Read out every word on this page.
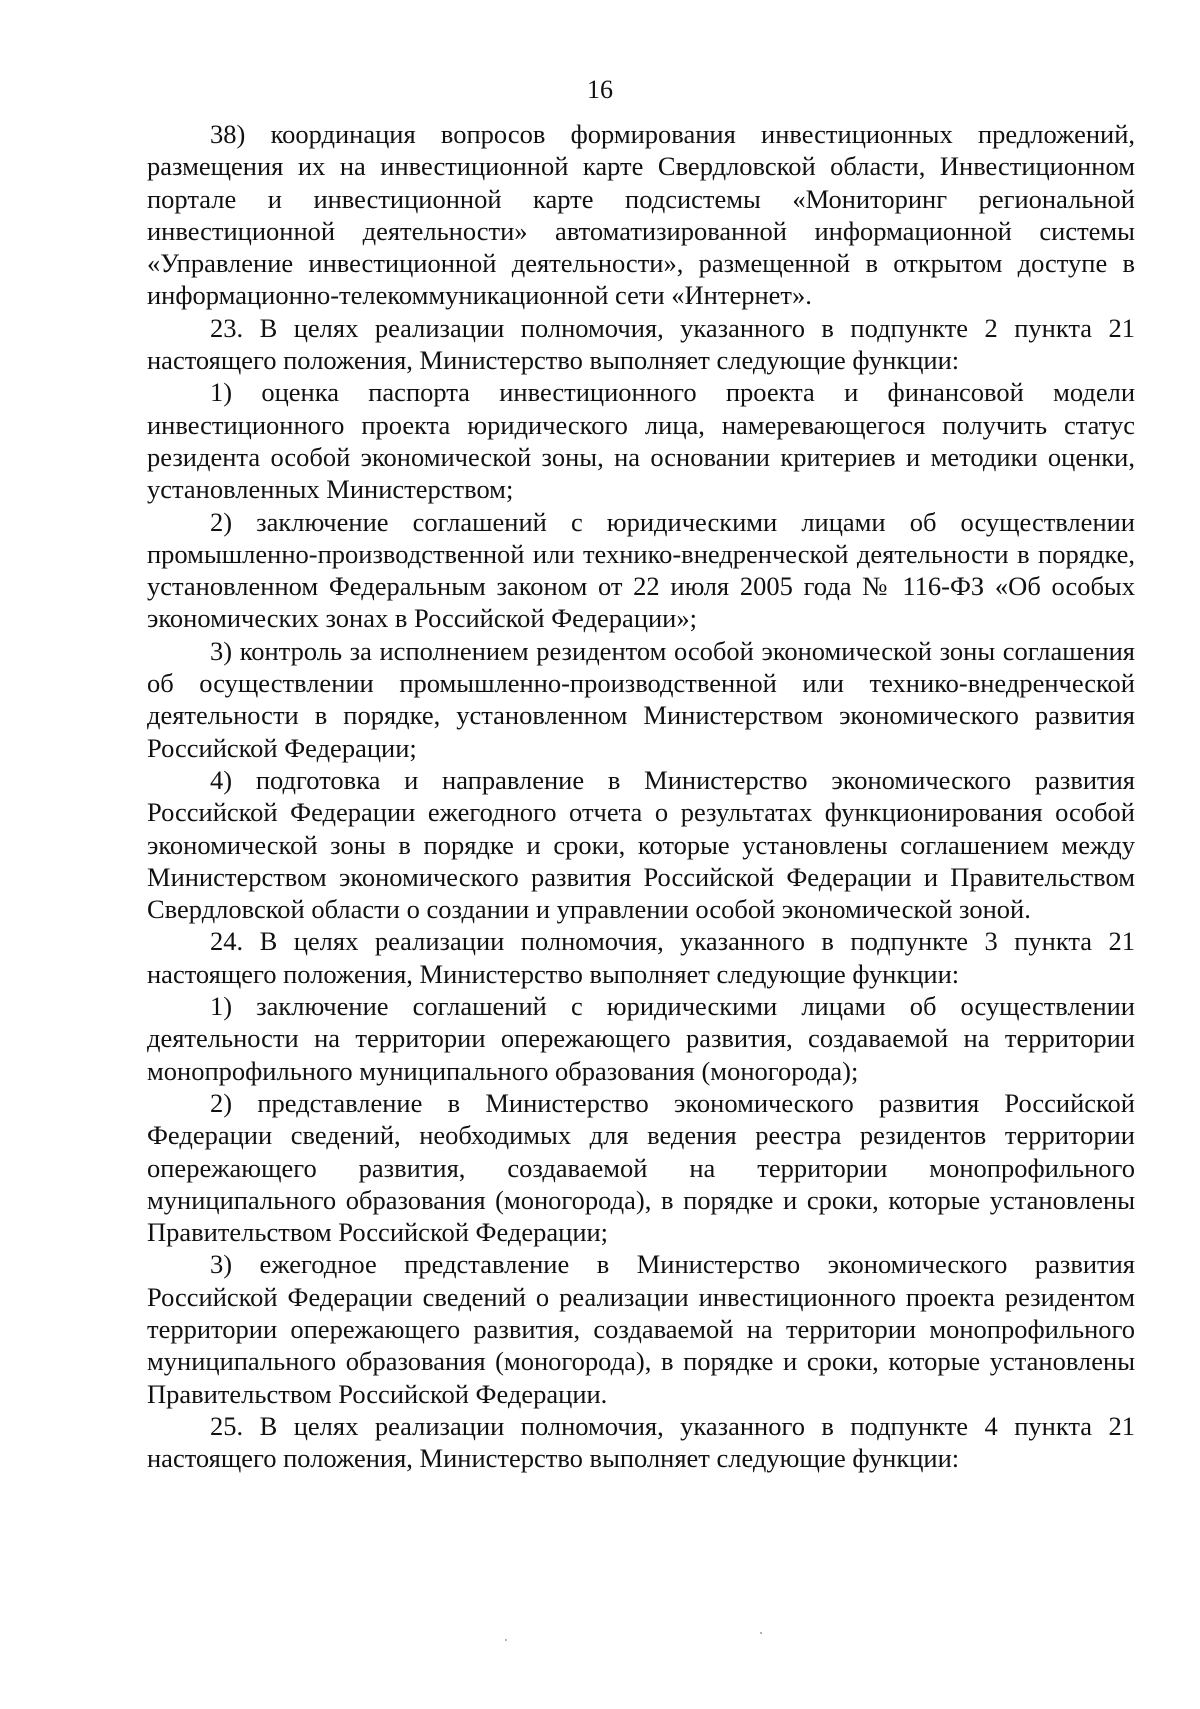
16

38) координация вопросов формирования инвестиционных предложений, размещения их на инвестиционной карте Свердловской области, Инвестиционном портале и инвестиционной карте подсистемы «Мониторинг региональной инвестиционной деятельности» автоматизированной информационной системы «Управление инвестиционной деятельности», размещенной в открытом доступе в информационно-телекоммуникационной сети «Интернет».

23. В целях реализации полномочия, указанного в подпункте 2 пункта 21 настоящего положения, Министерство выполняет следующие функции:

1) оценка паспорта инвестиционного проекта и финансовой модели инвестиционного проекта юридического лица, намеревающегося получить статус резидента особой экономической зоны, на основании критериев и методики оценки, установленных Министерством;

2) заключение соглашений с юридическими лицами об осуществлении промышленно-производственной или технико-внедренческой деятельности в порядке, установленном Федеральным законом от 22 июля 2005 года № 116-ФЗ «Об особых экономических зонах в Российской Федерации»;

3) контроль за исполнением резидентом особой экономической зоны соглашения об осуществлении промышленно-производственной или технико-внедренческой деятельности в порядке, установленном Министерством экономического развития Российской Федерации;

4) подготовка и направление в Министерство экономического развития Российской Федерации ежегодного отчета о результатах функционирования особой экономической зоны в порядке и сроки, которые установлены соглашением между Министерством экономического развития Российской Федерации и Правительством Свердловской области о создании и управлении особой экономической зоной.

24. В целях реализации полномочия, указанного в подпункте 3 пункта 21 настоящего положения, Министерство выполняет следующие функции:

1) заключение соглашений с юридическими лицами об осуществлении деятельности на территории опережающего развития, создаваемой на территории монопрофильного муниципального образования (моногорода);

2) представление в Министерство экономического развития Российской Федерации сведений, необходимых для ведения реестра резидентов территории опережающего развития, создаваемой на территории монопрофильного муниципального образования (моногорода), в порядке и сроки, которые установлены Правительством Российской Федерации;

3) ежегодное представление в Министерство экономического развития Российской Федерации сведений о реализации инвестиционного проекта резидентом территории опережающего развития, создаваемой на территории монопрофильного муниципального образования (моногорода), в порядке и сроки, которые установлены Правительством Российской Федерации.

25. В целях реализации полномочия, указанного в подпункте 4 пункта 21 настоящего положения, Министерство выполняет следующие функции:
